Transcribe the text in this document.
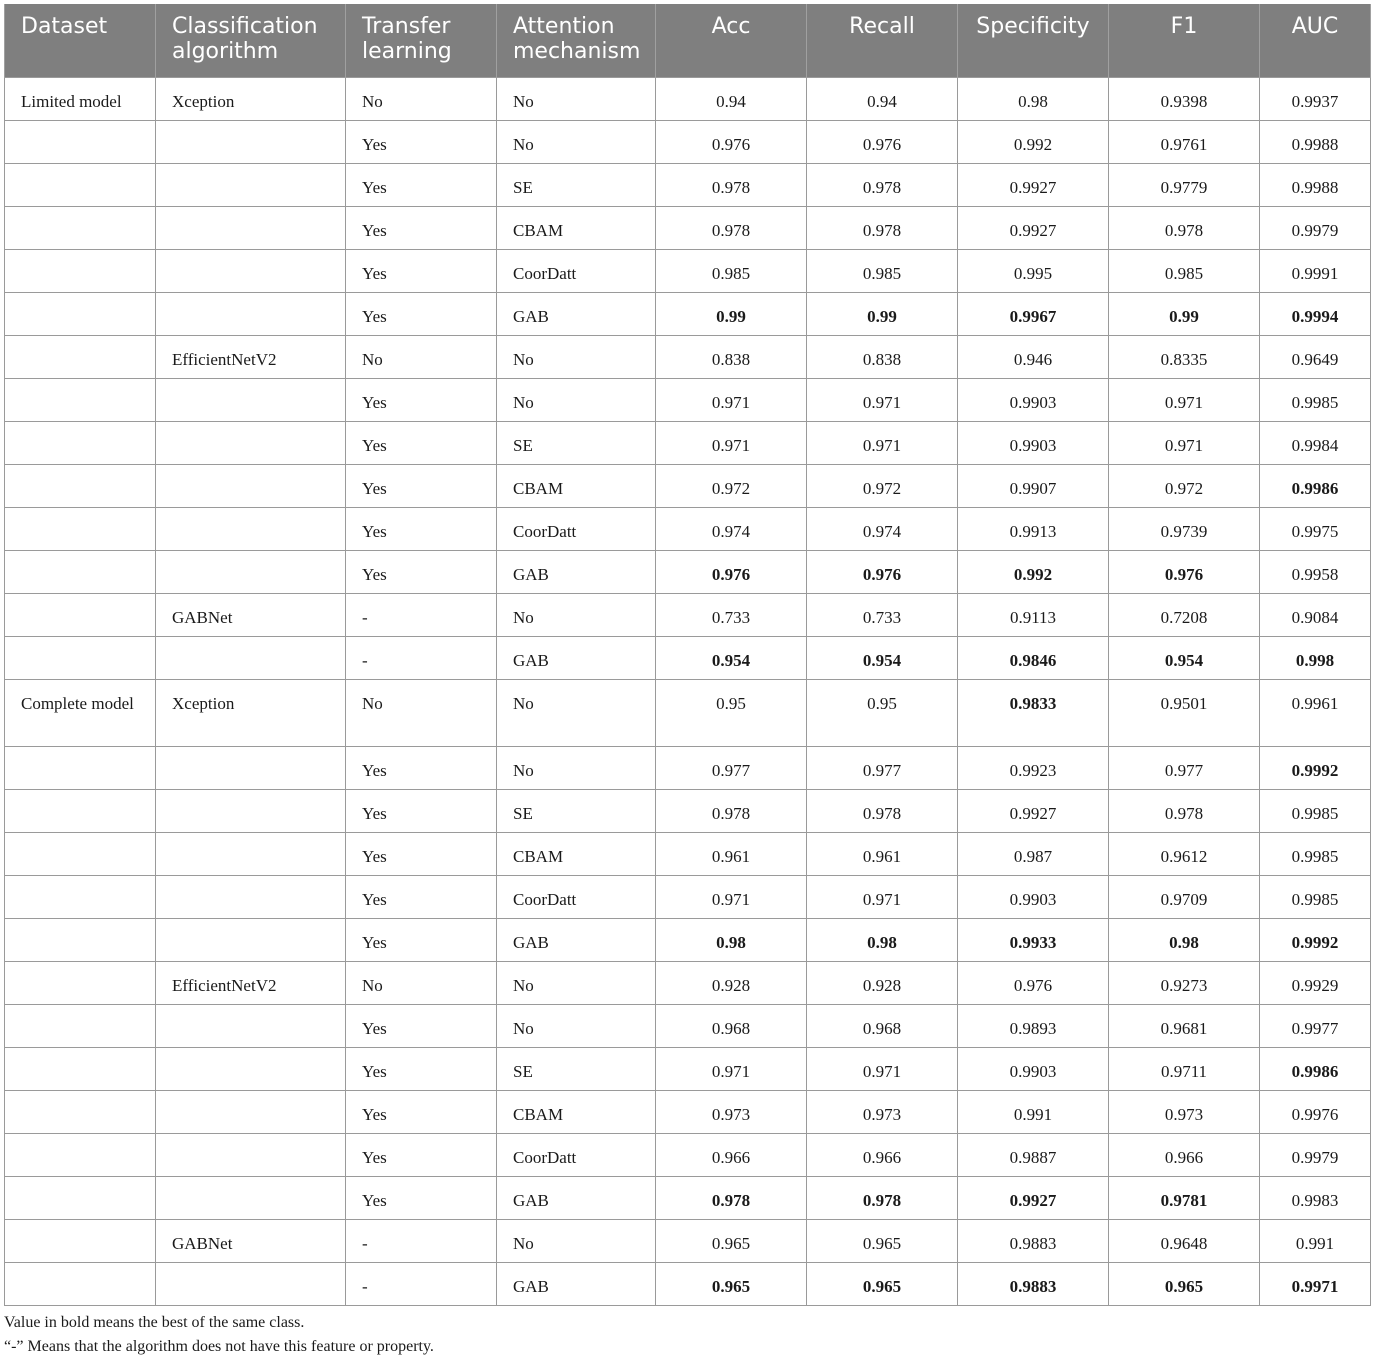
Dataset	Classification algorithm	Transfer learning	Attention mechanism	Acc	Recall	Specificity	F1	AUC
Limited model	Xception	No	No	0.94	0.94	0.98	0.9398	0.9937
		Yes	No	0.976	0.976	0.992	0.9761	0.9988
		Yes	SE	0.978	0.978	0.9927	0.9779	0.9988
		Yes	CBAM	0.978	0.978	0.9927	0.978	0.9979
		Yes	CoorDatt	0.985	0.985	0.995	0.985	0.9991
		Yes	GAB	0.99	0.99	0.9967	0.99	0.9994
	EfficientNetV2	No	No	0.838	0.838	0.946	0.8335	0.9649
		Yes	No	0.971	0.971	0.9903	0.971	0.9985
		Yes	SE	0.971	0.971	0.9903	0.971	0.9984
		Yes	CBAM	0.972	0.972	0.9907	0.972	0.9986
		Yes	CoorDatt	0.974	0.974	0.9913	0.9739	0.9975
		Yes	GAB	0.976	0.976	0.992	0.976	0.9958
	GABNet	-	No	0.733	0.733	0.9113	0.7208	0.9084
		-	GAB	0.954	0.954	0.9846	0.954	0.998
Complete model	Xception	No	No	0.95	0.95	0.9833	0.9501	0.9961
		Yes	No	0.977	0.977	0.9923	0.977	0.9992
		Yes	SE	0.978	0.978	0.9927	0.978	0.9985
		Yes	CBAM	0.961	0.961	0.987	0.9612	0.9985
		Yes	CoorDatt	0.971	0.971	0.9903	0.9709	0.9985
		Yes	GAB	0.98	0.98	0.9933	0.98	0.9992
	EfficientNetV2	No	No	0.928	0.928	0.976	0.9273	0.9929
		Yes	No	0.968	0.968	0.9893	0.9681	0.9977
		Yes	SE	0.971	0.971	0.9903	0.9711	0.9986
		Yes	CBAM	0.973	0.973	0.991	0.973	0.9976
		Yes	CoorDatt	0.966	0.966	0.9887	0.966	0.9979
		Yes	GAB	0.978	0.978	0.9927	0.9781	0.9983
	GABNet	-	No	0.965	0.965	0.9883	0.9648	0.991
		-	GAB	0.965	0.965	0.9883	0.965	0.9971

Value in bold means the best of the same class.

“-” Means that the algorithm does not have this feature or property.
